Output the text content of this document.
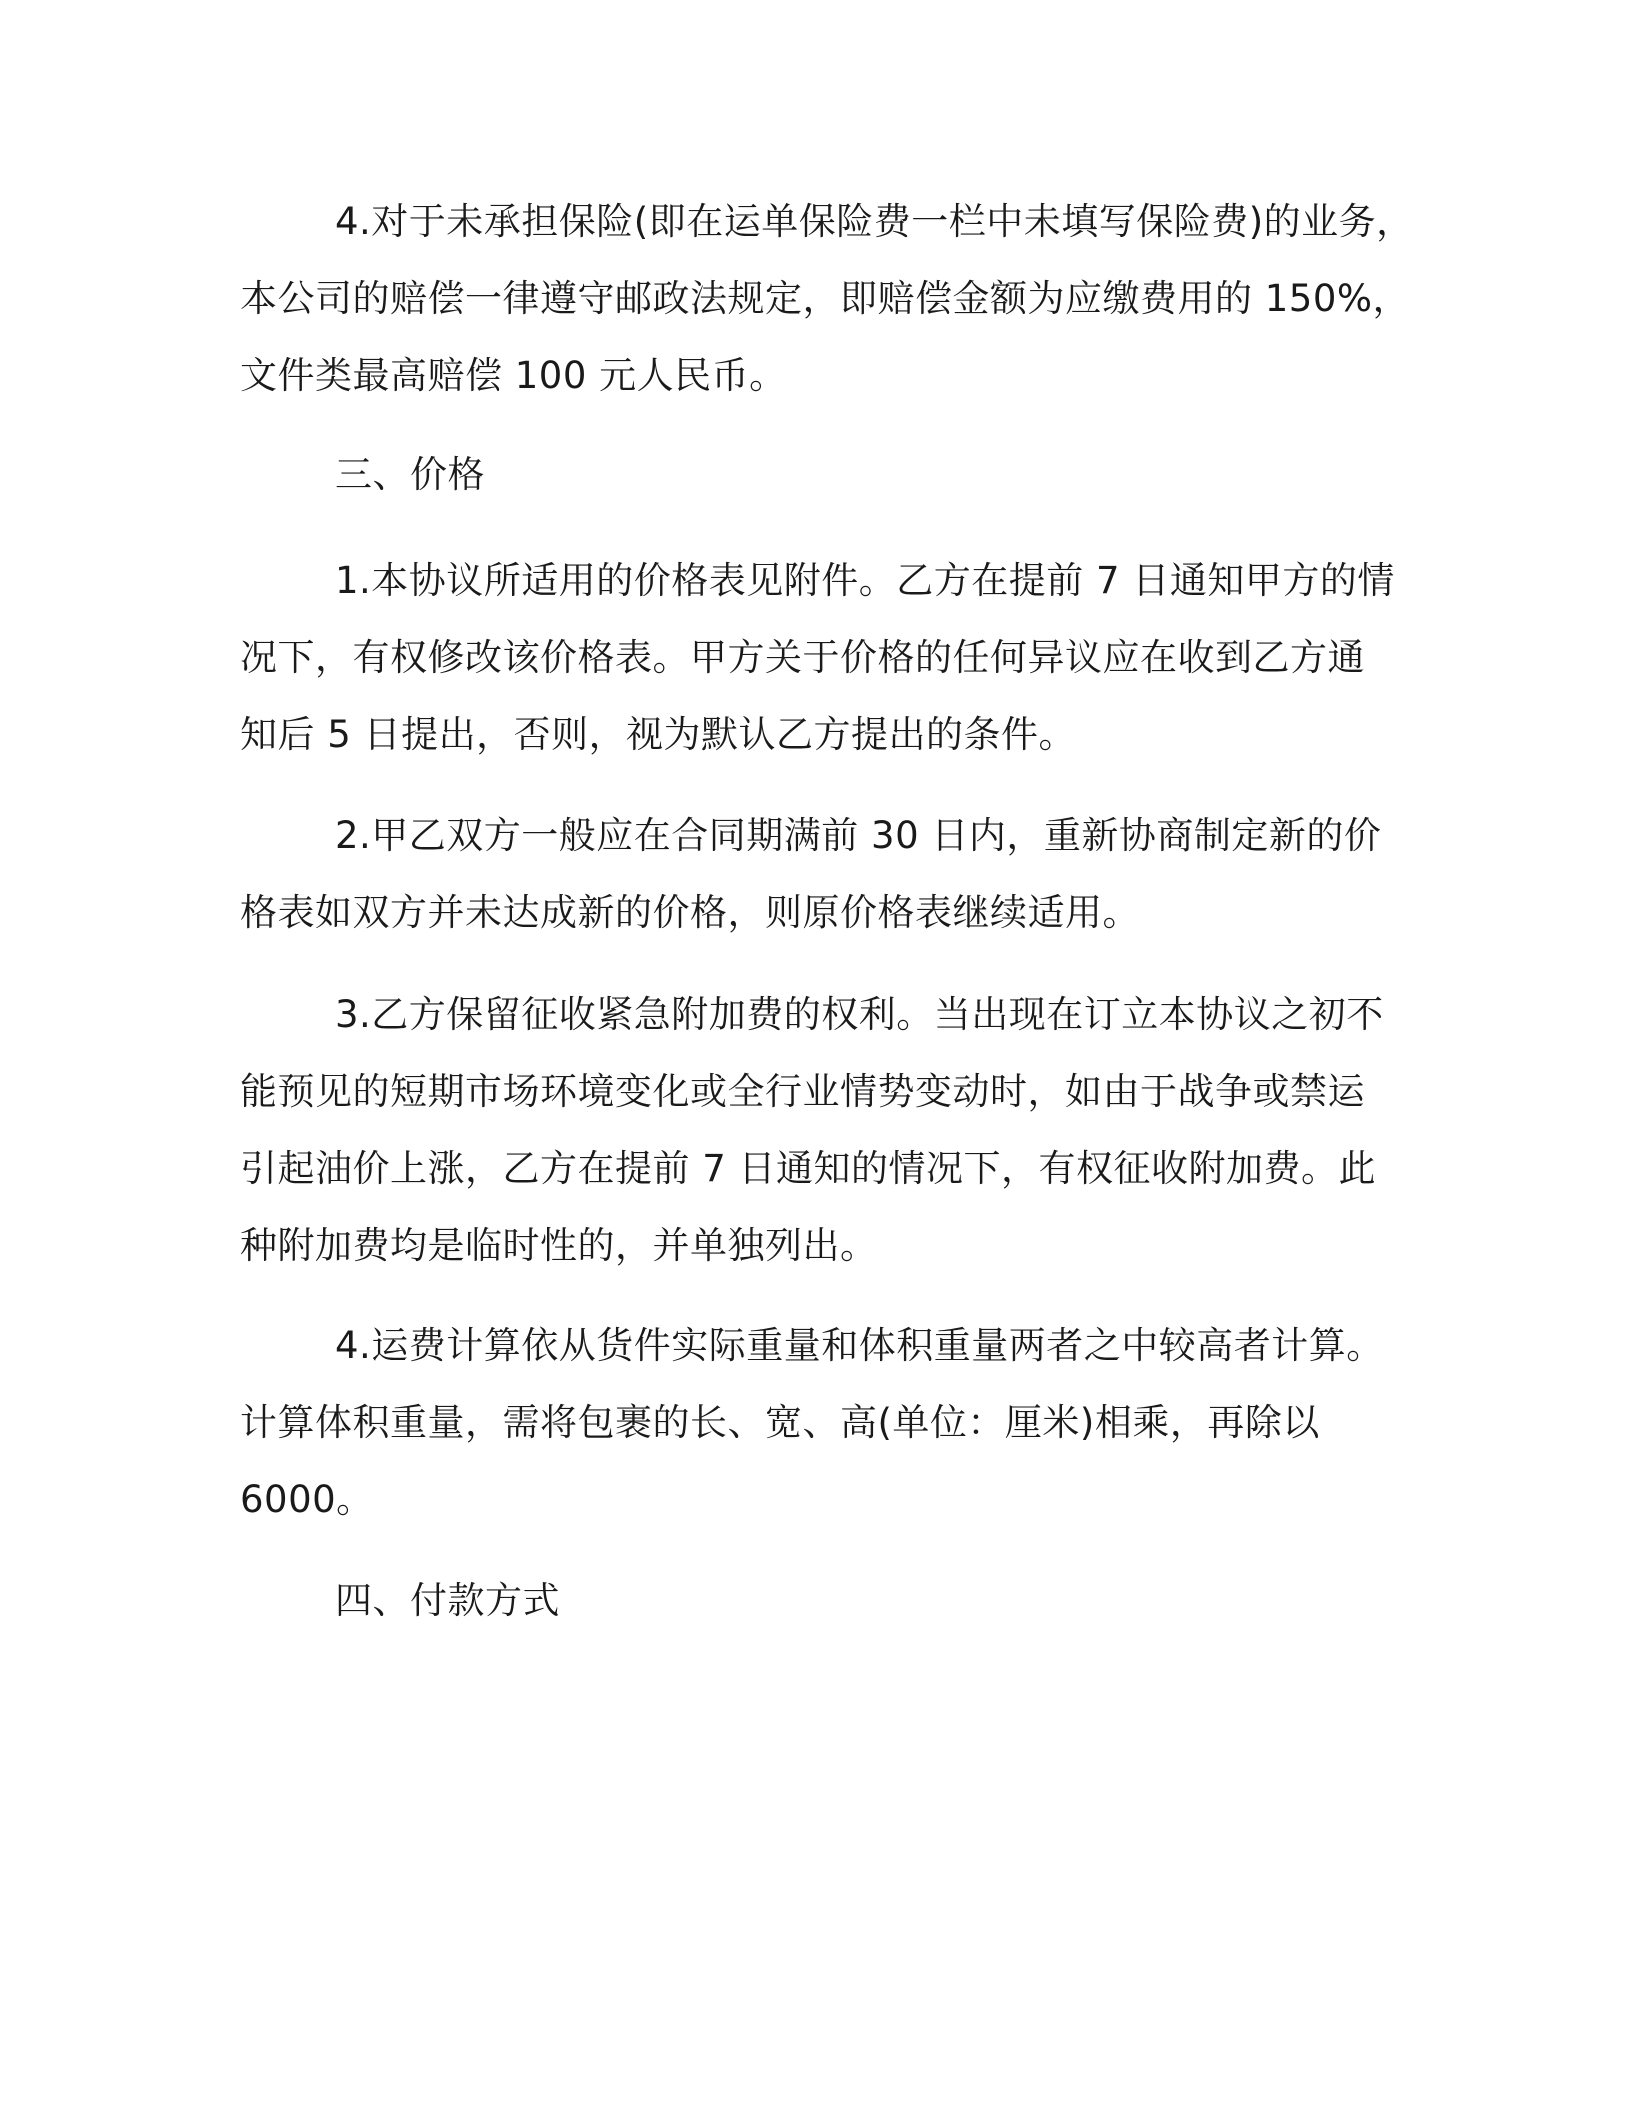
4.对于未承担保险(即在运单保险费一栏中未填写保险费)的业务，
本公司的赔偿一律遵守邮政法规定，即赔偿金额为应缴费用的 150%，
文件类最高赔偿 100 元人民币。
三、价格
1.本协议所适用的价格表见附件。乙方在提前 7 日通知甲方的情
况下，有权修改该价格表。甲方关于价格的任何异议应在收到乙方通
知后 5 日提出，否则，视为默认乙方提出的条件。
2.甲乙双方一般应在合同期满前 30 日内，重新协商制定新的价
格表如双方并未达成新的价格，则原价格表继续适用。
3.乙方保留征收紧急附加费的权利。当出现在订立本协议之初不
能预见的短期市场环境变化或全行业情势变动时，如由于战争或禁运
引起油价上涨，乙方在提前 7 日通知的情况下，有权征收附加费。此
种附加费均是临时性的，并单独列出。
4.运费计算依从货件实际重量和体积重量两者之中较高者计算。
计算体积重量，需将包裹的长、宽、高(单位：厘米)相乘，再除以
6000。
四、付款方式
